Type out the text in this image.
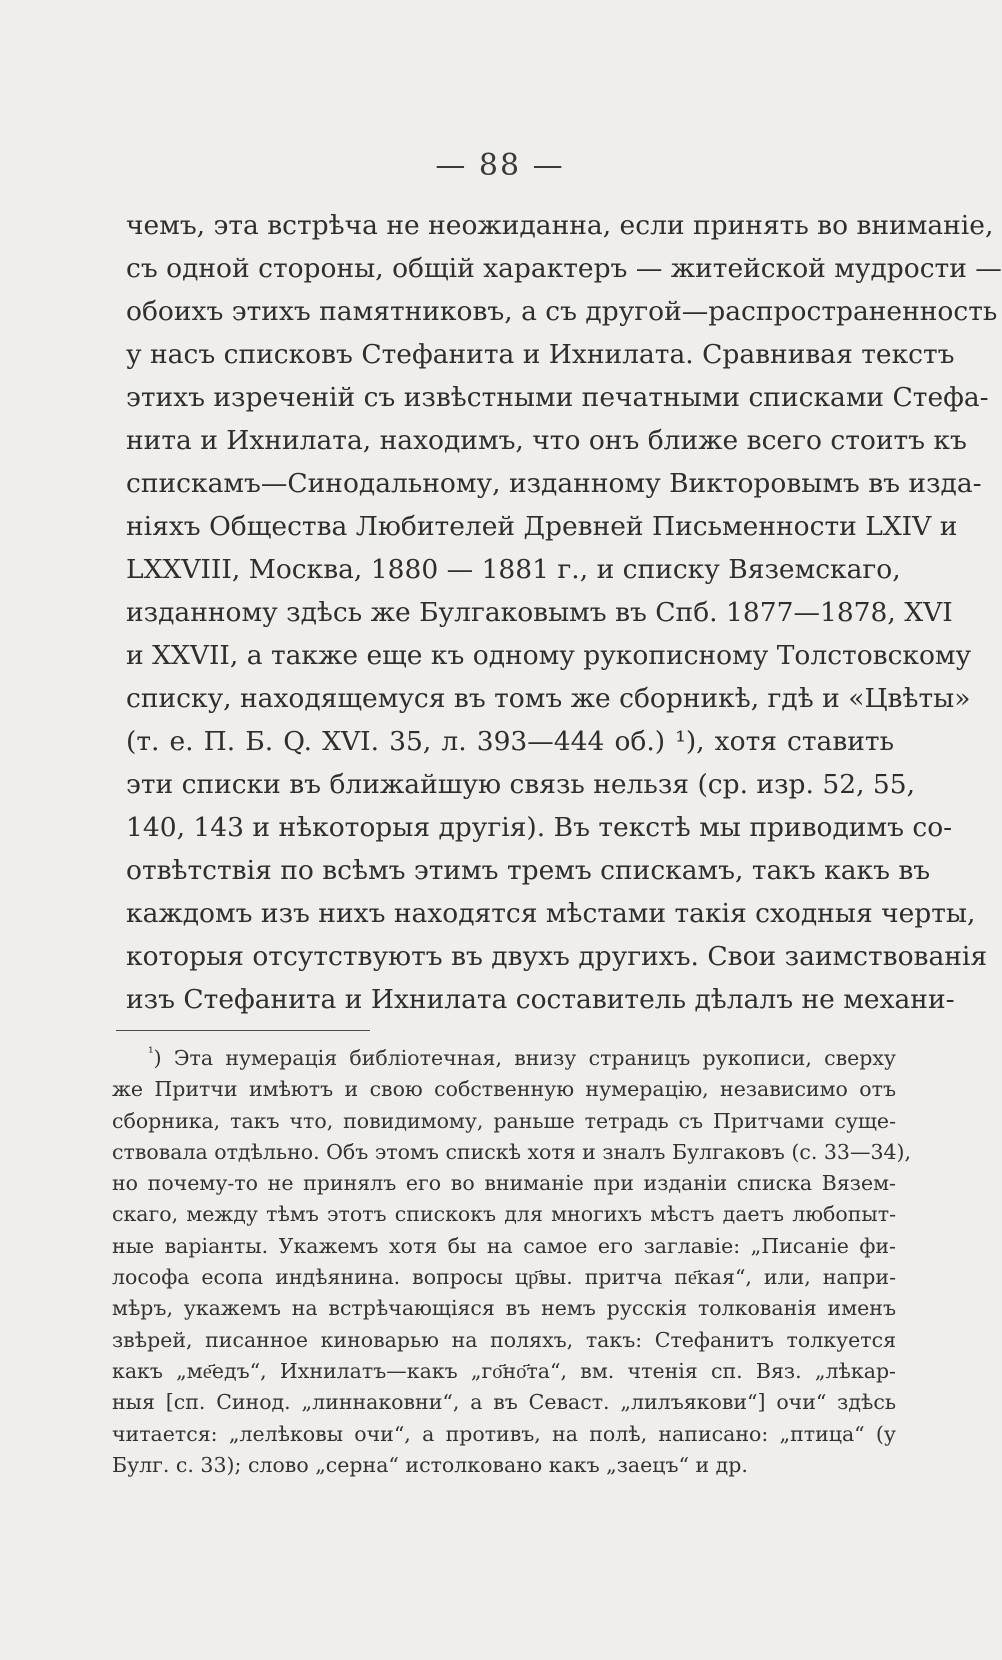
— 88 —
чемъ, эта встрѣча не неожиданна, если принять во вниманіе,
съ одной стороны, общій характеръ — житейской мудрости —
обоихъ этихъ памятниковъ, а съ другой—распространенность
у насъ списковъ Стефанита и Ихнилата. Сравнивая текстъ
этихъ изреченій съ извѣстными печатными списками Стефа-
нита и Ихнилата, находимъ, что онъ ближе всего стоитъ къ
спискамъ—Синодальному, изданному Викторовымъ въ изда-
ніяхъ Общества Любителей Древней Письменности LXIV и
LXXVIII, Москва, 1880 — 1881 г., и списку Вяземскаго,
изданному здѣсь же Булгаковымъ въ Спб. 1877—1878, XVI
и XXVII, а также еще къ одному рукописному Толстовскому
списку, находящемуся въ томъ же сборникѣ, гдѣ и «Цвѣты»
(т. е. П. Б. Q. XVI. 35, л. 393—444 об.) ¹), хотя ставить
эти списки въ ближайшую связь нельзя (ср. изр. 52, 55,
140, 143 и нѣкоторыя другія). Въ текстѣ мы приводимъ со-
отвѣтствія по всѣмъ этимъ тремъ спискамъ, такъ какъ въ
каждомъ изъ нихъ находятся мѣстами такія сходныя черты,
которыя отсутствуютъ въ двухъ другихъ. Свои заимствованія
изъ Стефанита и Ихнилата составитель дѣлалъ не механи-
$^{^1}$) Эта нумерація библіотечная, внизу страницъ рукописи, сверху
же Притчи имѣютъ и свою собственную нумерацію, независимо отъ
сборника, такъ что, повидимому, раньше тетрадь съ Притчами суще-
ствовала отдѣльно. Объ этомъ спискѣ хотя и зналъ Булгаковъ (с. 33—34),
но почему-то не принялъ его во вниманіе при изданіи списка Вязем-
скаго, между тѣмъ этотъ спискокъ для многихъ мѣстъ даетъ любопыт-
ные варіанты. Укажемъ хотя бы на самое его заглавіе: „Писаніе фи-
лософа есопа индѣянина. вопросы цр҃вы. притча пе҃кая“, или, напри-
мѣръ, укажемъ на встрѣчающіяся въ немъ русскія толкованія именъ
звѣрей, писанное киноварью на поляхъ, такъ: Стефанитъ толкуется
какъ „ме҃едъ“, Ихнилатъ—какъ „го҃но҃та“, вм. чтенія сп. Вяз. „лѣкар-
ныя [сп. Синод. „линнаковни“, а въ Севаст. „лилъякови“] очи“ здѣсь
читается: „лелѣковы очи“, а противъ, на полѣ, написано: „птица“ (у
Булг. с. 33); слово „серна“ истолковано какъ „заецъ“ и др.
